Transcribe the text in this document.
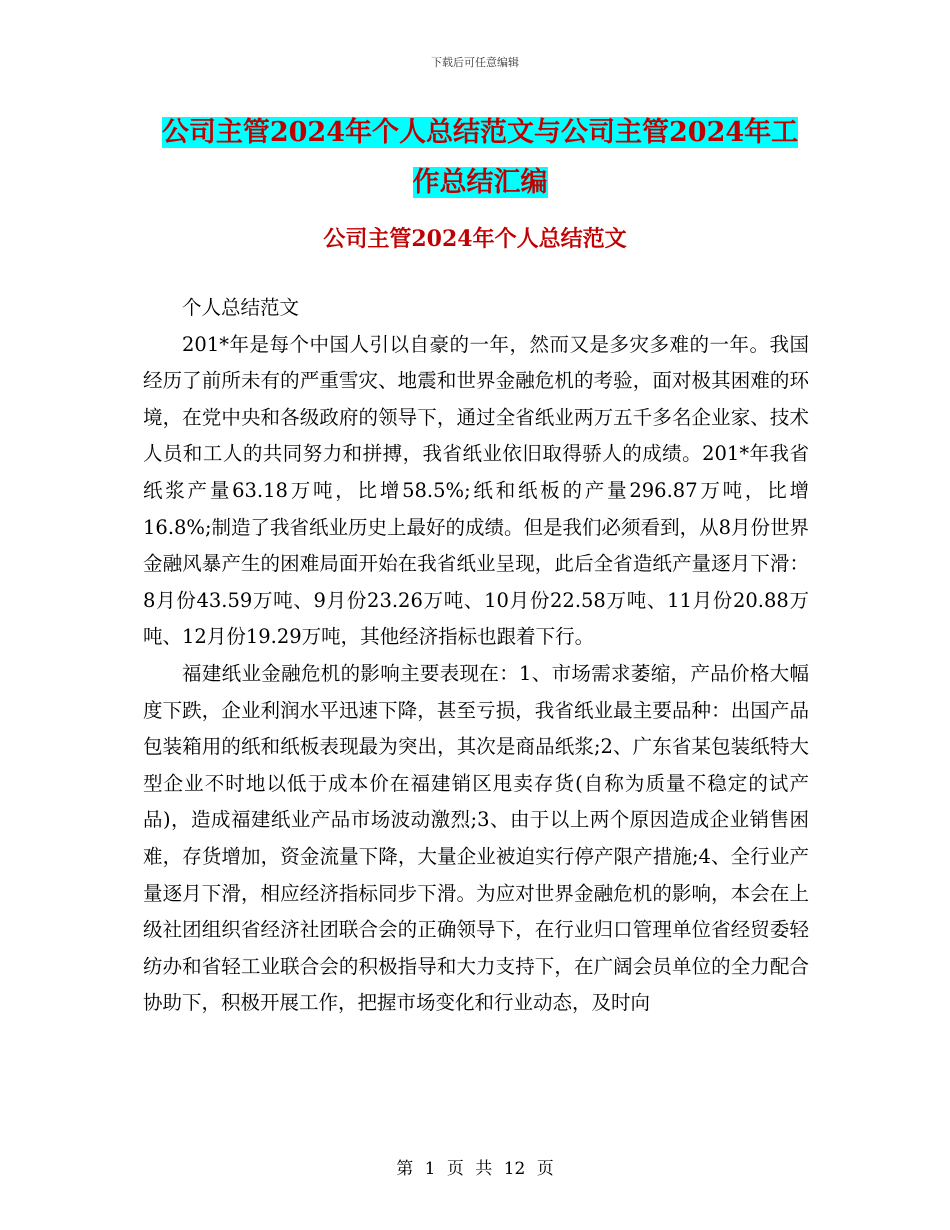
下载后可任意编辑
公司主管2024年个人总结范文与公司主管2024年工
作总结汇编
公司主管2024年个人总结范文

个人总结范文

201*年是每个中国人引以自豪的一年，然而又是多灾多难的一年。我国经历了前所未有的严重雪灾、地震和世界金融危机的考验，面对极其困难的环境，在党中央和各级政府的领导下，通过全省纸业两万五千多名企业家、技术人员和工人的共同努力和拼搏，我省纸业依旧取得骄人的成绩。201*年我省纸浆产量63.18万吨，比增58.5%;纸和纸板的产量296.87万吨，比增16.8%;制造了我省纸业历史上最好的成绩。但是我们必须看到，从8月份世界金融风暴产生的困难局面开始在我省纸业呈现，此后全省造纸产量逐月下滑：8月份43.59万吨、9月份23.26万吨、10月份22.58万吨、11月份20.88万吨、12月份19.29万吨，其他经济指标也跟着下行。

福建纸业金融危机的影响主要表现在：1、市场需求萎缩，产品价格大幅度下跌，企业利润水平迅速下降，甚至亏损，我省纸业最主要品种：出国产品包装箱用的纸和纸板表现最为突出，其次是商品纸浆;2、广东省某包装纸特大型企业不时地以低于成本价在福建销区甩卖存货(自称为质量不稳定的试产品)，造成福建纸业产品市场波动激烈;3、由于以上两个原因造成企业销售困难，存货增加，资金流量下降，大量企业被迫实行停产限产措施;4、全行业产量逐月下滑，相应经济指标同步下滑。为应对世界金融危机的影响，本会在上级社团组织省经济社团联合会的正确领导下，在行业归口管理单位省经贸委轻纺办和省轻工业联合会的积极指导和大力支持下，在广阔会员单位的全力配合协助下，积极开展工作，把握市场变化和行业动态，及时向

第 1 页 共 12 页
